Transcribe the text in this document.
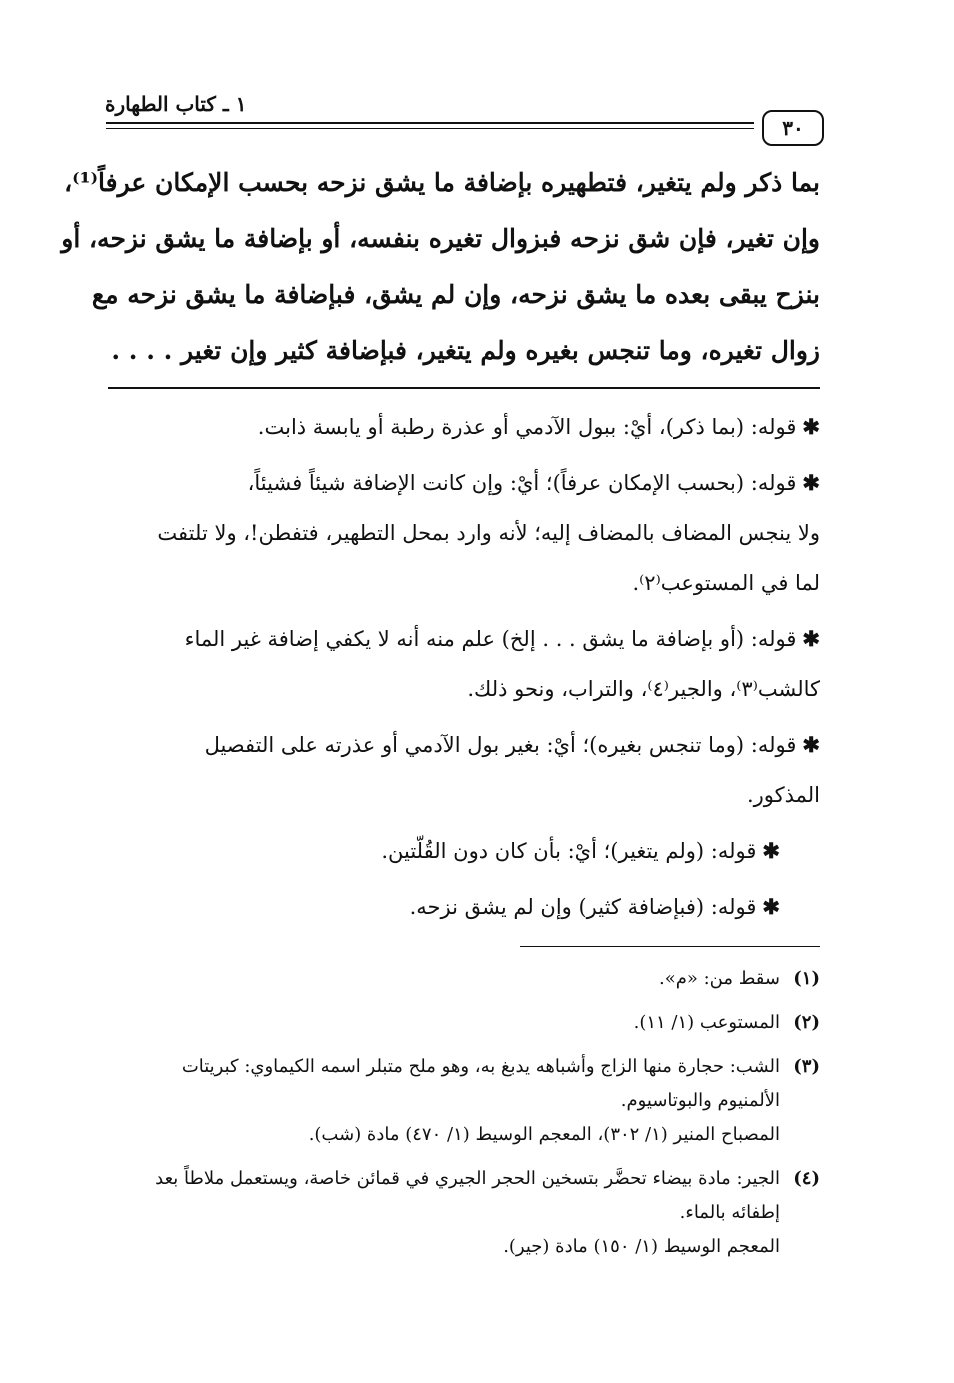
١ ـ كتاب الطهارة
٣٠
بما ذكر ولم يتغير، فتطهيره بإضافة ما يشق نزحه بحسب الإمكان عرفاً⁽¹⁾،
وإن تغير، فإن شق نزحه فبزوال تغيره بنفسه، أو بإضافة ما يشق نزحه، أو
بنزح يبقى بعده ما يشق نزحه، وإن لم يشق، فبإضافة ما يشق نزحه مع
زوال تغيره، وما تنجس بغيره ولم يتغير، فبإضافة كثير وإن تغير . . . .
✱قوله: (بما ذكر)، أيْ: ببول الآدمي أو عذرة رطبة أو يابسة ذابت.
✱قوله: (بحسب الإمكان عرفاً)؛ أيْ: وإن كانت الإضافة شيئاً فشيئاً،
ولا ينجس المضاف بالمضاف إليه؛ لأنه وارد بمحل التطهير، فتفطن!، ولا تلتفت
لما في المستوعب⁽٢⁾.
✱قوله: (أو بإضافة ما يشق . . . إلخ) علم منه أنه لا يكفي إضافة غير الماء
كالشب⁽٣⁾، والجير⁽٤⁾، والتراب، ونحو ذلك.
✱قوله: (وما تنجس بغيره)؛ أيْ: بغير بول الآدمي أو عذرته على التفصيل
المذكور.
✱قوله: (ولم يتغير)؛ أيْ: بأن كان دون القُلّتين.
✱قوله: (فبإضافة كثير) وإن لم يشق نزحه.
(١)
سقط من: «م».
(٢)
المستوعب (١/ ١١).
(٣)
الشب: حجارة منها الزاج وأشباهه يدبغ به، وهو ملح متبلر اسمه الكيماوي: كبريتات
الألمنيوم والبوتاسيوم.
المصباح المنير (١/ ٣٠٢)، المعجم الوسيط (١/ ٤٧٠) مادة (شب).
(٤)
الجير: مادة بيضاء تحضَّر بتسخين الحجر الجيري في قمائن خاصة، ويستعمل ملاطاً بعد
إطفائه بالماء.
المعجم الوسيط (١/ ١٥٠) مادة (جير).
